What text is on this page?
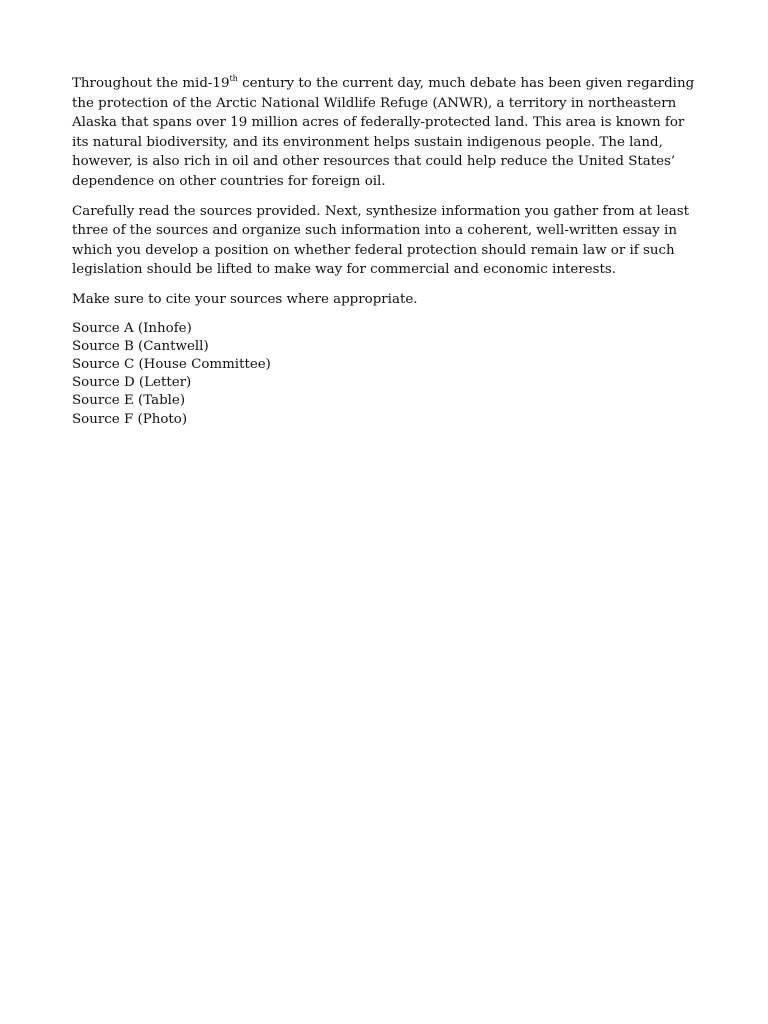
Throughout the mid-19th century to the current day, much debate has been given regarding the protection of the Arctic National Wildlife Refuge (ANWR), a territory in northeastern Alaska that spans over 19 million acres of federally-protected land. This area is known for its natural biodiversity, and its environment helps sustain indigenous people. The land, however, is also rich in oil and other resources that could help reduce the United States’ dependence on other countries for foreign oil.

Carefully read the sources provided. Next, synthesize information you gather from at least three of the sources and organize such information into a coherent, well-written essay in which you develop a position on whether federal protection should remain law or if such legislation should be lifted to make way for commercial and economic interests.

Make sure to cite your sources where appropriate.

Source A (Inhofe)
Source B (Cantwell)
Source C (House Committee)
Source D (Letter)
Source E (Table)
Source F (Photo)
